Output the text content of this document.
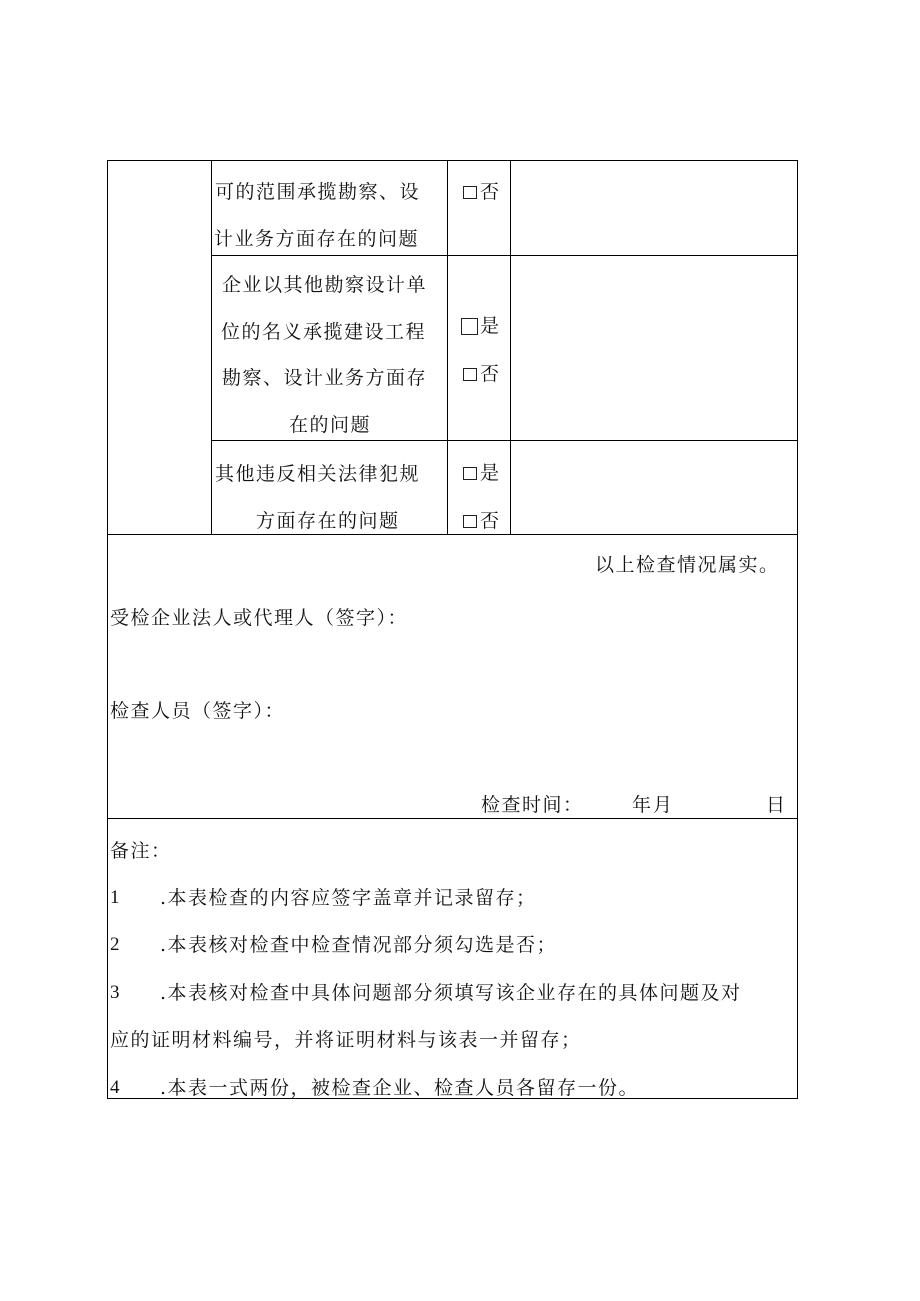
可的范围承揽勘察、设
计业务方面存在的问题
否
企业以其他勘察设计单
位的名义承揽建设工程
勘察、设计业务方面存
在的问题
是
否
其他违反相关法律犯规
方面存在的问题
是
否
以上检查情况属实。
受检企业法人或代理人（签字）：
检查人员（签字）：
检查时间：	年 月	日
备注：
1 .本表检查的内容应签字盖章并记录留存；
2 .本表核对检查中检查情况部分须勾选是否；
3 .本表核对检查中具体问题部分须填写该企业存在的具体问题及对
应的证明材料编号，并将证明材料与该表一并留存；
4 .本表一式两份，被检查企业、检查人员各留存一份。
